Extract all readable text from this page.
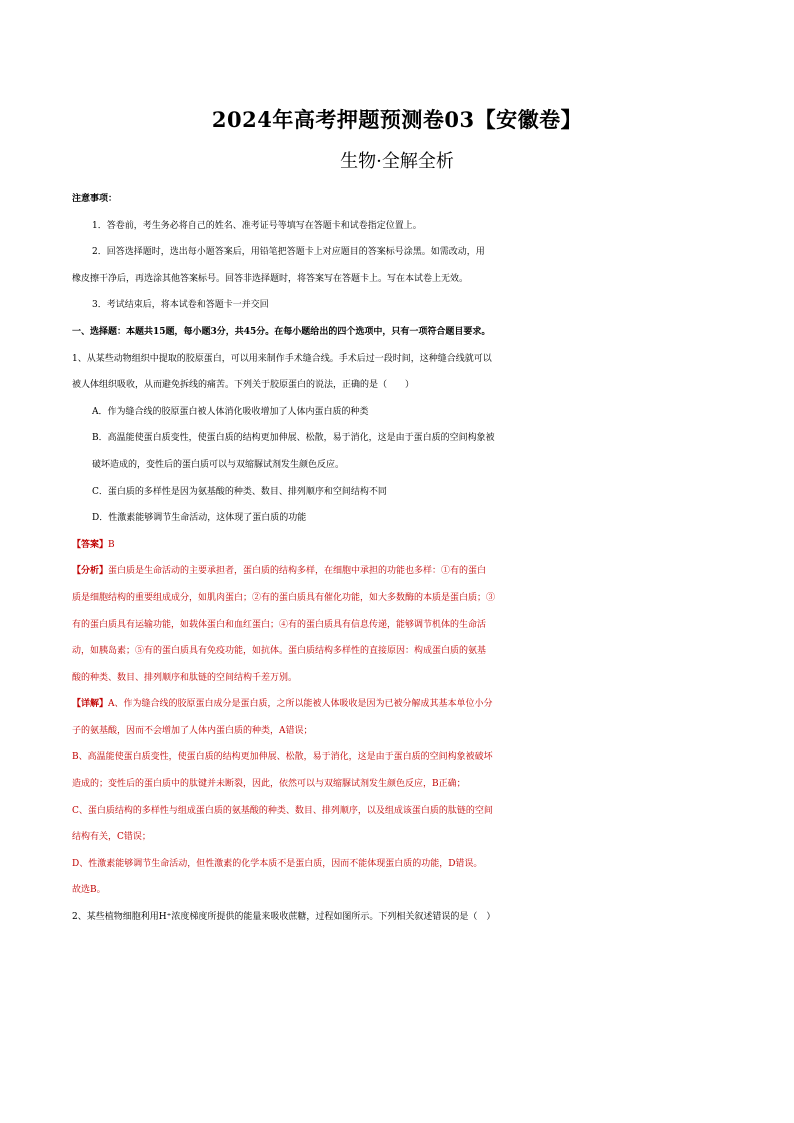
2024年高考押题预测卷03【安徽卷】
生物·全解全析
注意事项：
1．答卷前，考生务必将自己的姓名、准考证号等填写在答题卡和试卷指定位置上。
2．回答选择题时，选出每小题答案后，用铅笔把答题卡上对应题目的答案标号涂黑。如需改动，用
橡皮擦干净后，再选涂其他答案标号。回答非选择题时，将答案写在答题卡上。写在本试卷上无效。
3．考试结束后，将本试卷和答题卡一并交回
一、选择题：本题共15题，每小题3分，共45分。在每小题给出的四个选项中，只有一项符合题目要求。
1、从某些动物组织中提取的胶原蛋白，可以用来制作手术缝合线。手术后过一段时间，这种缝合线就可以
被人体组织吸收，从而避免拆线的痛苦。下列关于胶原蛋白的说法，正确的是（　　）
A．作为缝合线的胶原蛋白被人体消化吸收增加了人体内蛋白质的种类
B．高温能使蛋白质变性，使蛋白质的结构更加伸展、松散，易于消化，这是由于蛋白质的空间构象被
破坏造成的，变性后的蛋白质可以与双缩脲试剂发生颜色反应。
C．蛋白质的多样性是因为氨基酸的种类、数目、排列顺序和空间结构不同
D．性激素能够调节生命活动，这体现了蛋白质的功能
【答案】B
【分析】蛋白质是生命活动的主要承担者，蛋白质的结构多样，在细胞中承担的功能也多样：①有的蛋白
质是细胞结构的重要组成成分，如肌肉蛋白；②有的蛋白质具有催化功能，如大多数酶的本质是蛋白质；③
有的蛋白质具有运输功能，如载体蛋白和血红蛋白；④有的蛋白质具有信息传递，能够调节机体的生命活
动，如胰岛素；⑤有的蛋白质具有免疫功能，如抗体。蛋白质结构多样性的直接原因：构成蛋白质的氨基
酸的种类、数目、排列顺序和肽链的空间结构千差万别。
【详解】A、作为缝合线的胶原蛋白成分是蛋白质，之所以能被人体吸收是因为已被分解成其基本单位小分
子的氨基酸，因而不会增加了人体内蛋白质的种类，A错误；
B、高温能使蛋白质变性，使蛋白质的结构更加伸展、松散，易于消化，这是由于蛋白质的空间构象被破坏
造成的；变性后的蛋白质中的肽键并未断裂，因此，依然可以与双缩脲试剂发生颜色反应，B正确；
C、蛋白质结构的多样性与组成蛋白质的氨基酸的种类、数目、排列顺序，以及组成该蛋白质的肽链的空间
结构有关，C错误；
D、性激素能够调节生命活动，但性激素的化学本质不是蛋白质，因而不能体现蛋白质的功能，D错误。
故选B。
2、某些植物细胞利用H⁺浓度梯度所提供的能量来吸收蔗糖，过程如图所示。下列相关叙述错误的是（　）
